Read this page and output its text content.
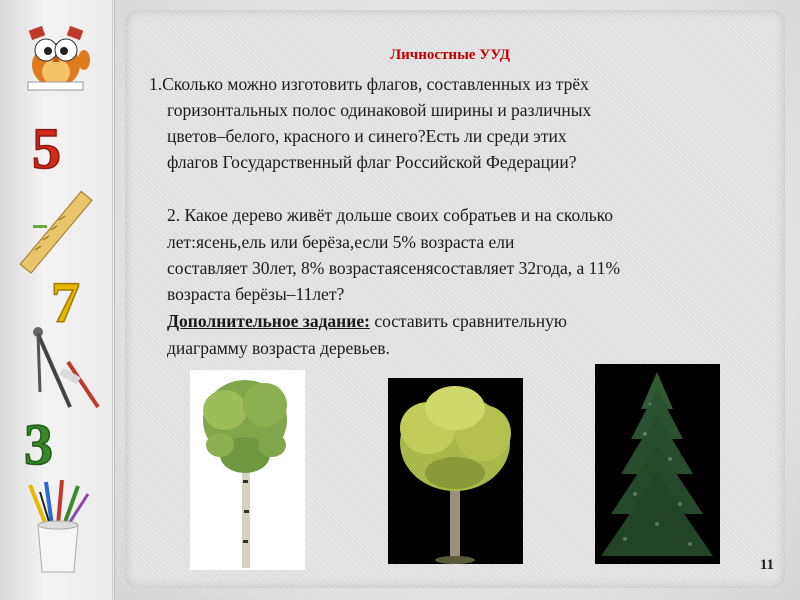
5
7
3
Личностные УУД
1.Сколько можно изготовить флагов, составленных из трёх
горизонтальных полос одинаковой ширины и различных
цветов–белого, красного и синего?Есть ли среди этих
флагов Государственный флаг Российской Федерации?
2. Какое дерево живёт дольше своих собратьев и на сколько
лет:ясень,ель или берёза,если 5% возраста ели
составляет 30лет, 8% возрастаясенясоставляет 32года, а 11%
возраста берёзы–11лет?
Дополнительное задание: составить сравнительную
диаграмму возраста деревьев.
11
